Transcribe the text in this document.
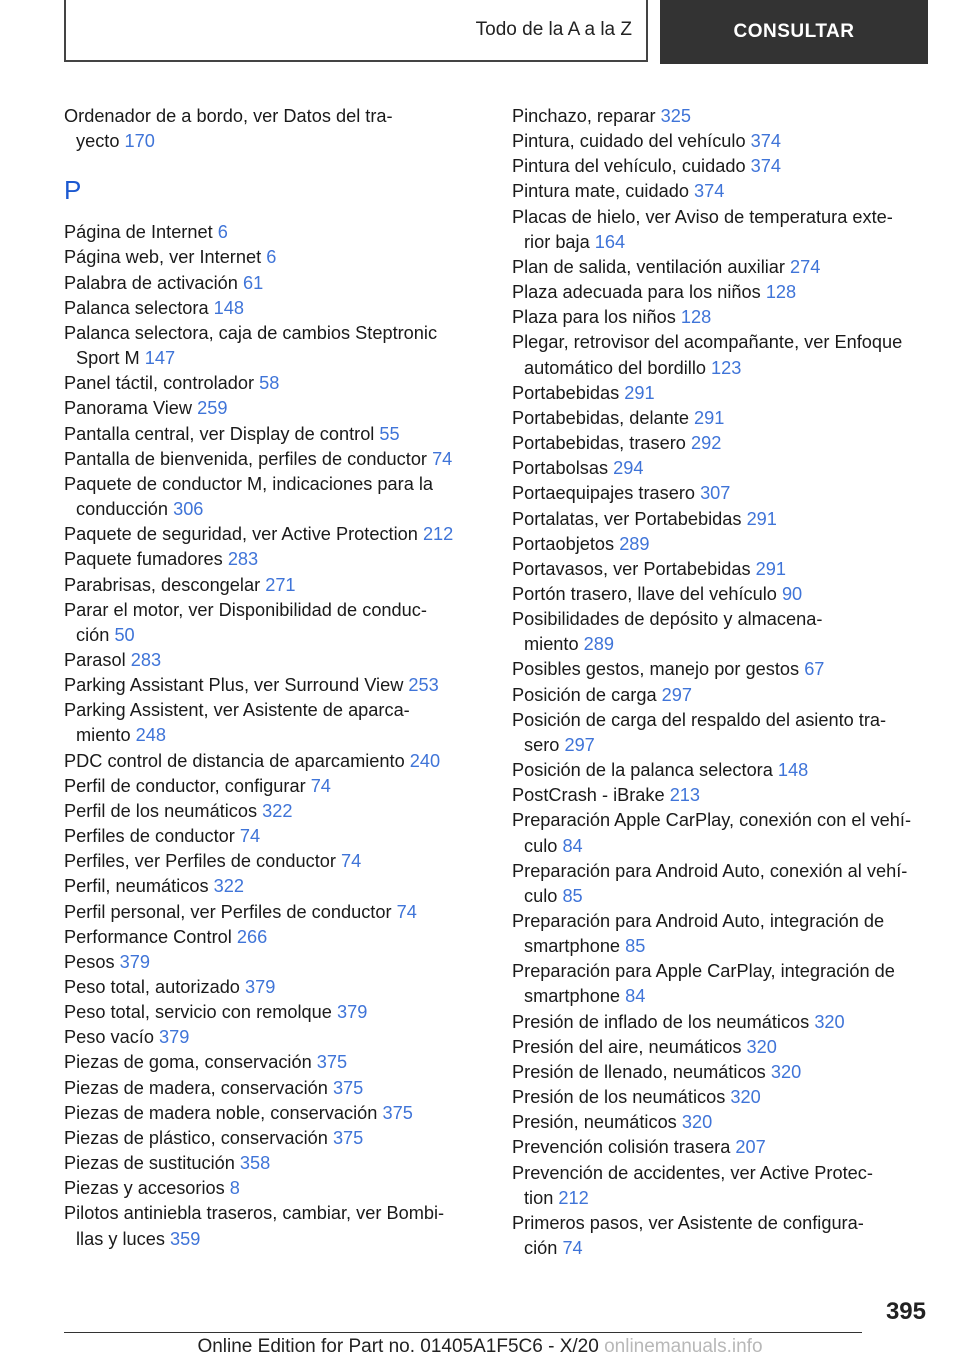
Todo de la A a la Z	CONSULTAR

Ordenador de a bordo, ver Datos del tra-
yecto 170

P

Página de Internet 6

Página web, ver Internet 6

Palabra de activación 61

Palanca selectora 148

Palanca selectora, caja de cambios Steptronic
Sport M 147

Panel táctil, controlador 58

Panorama View 259

Pantalla central, ver Display de control 55

Pantalla de bienvenida, perfiles de conductor 74

Paquete de conductor M, indicaciones para la
conducción 306

Paquete de seguridad, ver Active Protection 212

Paquete fumadores 283

Parabrisas, descongelar 271

Parar el motor, ver Disponibilidad de conduc-
ción 50

Parasol 283

Parking Assistant Plus, ver Surround View 253

Parking Assistent, ver Asistente de aparca-
miento 248

PDC control de distancia de aparcamiento 240

Perfil de conductor, configurar 74

Perfil de los neumáticos 322

Perfiles de conductor 74

Perfiles, ver Perfiles de conductor 74

Perfil, neumáticos 322

Perfil personal, ver Perfiles de conductor 74

Performance Control 266

Pesos 379

Peso total, autorizado 379

Peso total, servicio con remolque 379

Peso vacío 379

Piezas de goma, conservación 375

Piezas de madera, conservación 375

Piezas de madera noble, conservación 375

Piezas de plástico, conservación 375

Piezas de sustitución 358

Piezas y accesorios 8

Pilotos antiniebla traseros, cambiar, ver Bombi-
llas y luces 359

Pinchazo, reparar 325

Pintura, cuidado del vehículo 374

Pintura del vehículo, cuidado 374

Pintura mate, cuidado 374

Placas de hielo, ver Aviso de temperatura exte-
rior baja 164

Plan de salida, ventilación auxiliar 274

Plaza adecuada para los niños 128

Plaza para los niños 128

Plegar, retrovisor del acompañante, ver Enfoque
automático del bordillo 123

Portabebidas 291

Portabebidas, delante 291

Portabebidas, trasero 292

Portabolsas 294

Portaequipajes trasero 307

Portalatas, ver Portabebidas 291

Portaobjetos 289

Portavasos, ver Portabebidas 291

Portón trasero, llave del vehículo 90

Posibilidades de depósito y almacena-
miento 289

Posibles gestos, manejo por gestos 67

Posición de carga 297

Posición de carga del respaldo del asiento tra-
sero 297

Posición de la palanca selectora 148

PostCrash - iBrake 213

Preparación Apple CarPlay, conexión con el vehí-
culo 84

Preparación para Android Auto, conexión al vehí-
culo 85

Preparación para Android Auto, integración de
smartphone 85

Preparación para Apple CarPlay, integración de
smartphone 84

Presión de inflado de los neumáticos 320

Presión del aire, neumáticos 320

Presión de llenado, neumáticos 320

Presión de los neumáticos 320

Presión, neumáticos 320

Prevención colisión trasera 207

Prevención de accidentes, ver Active Protec-
tion 212

Primeros pasos, ver Asistente de configura-
ción 74

395
Online Edition for Part no. 01405A1F5C6 - X/20 onlinemanuals.info
